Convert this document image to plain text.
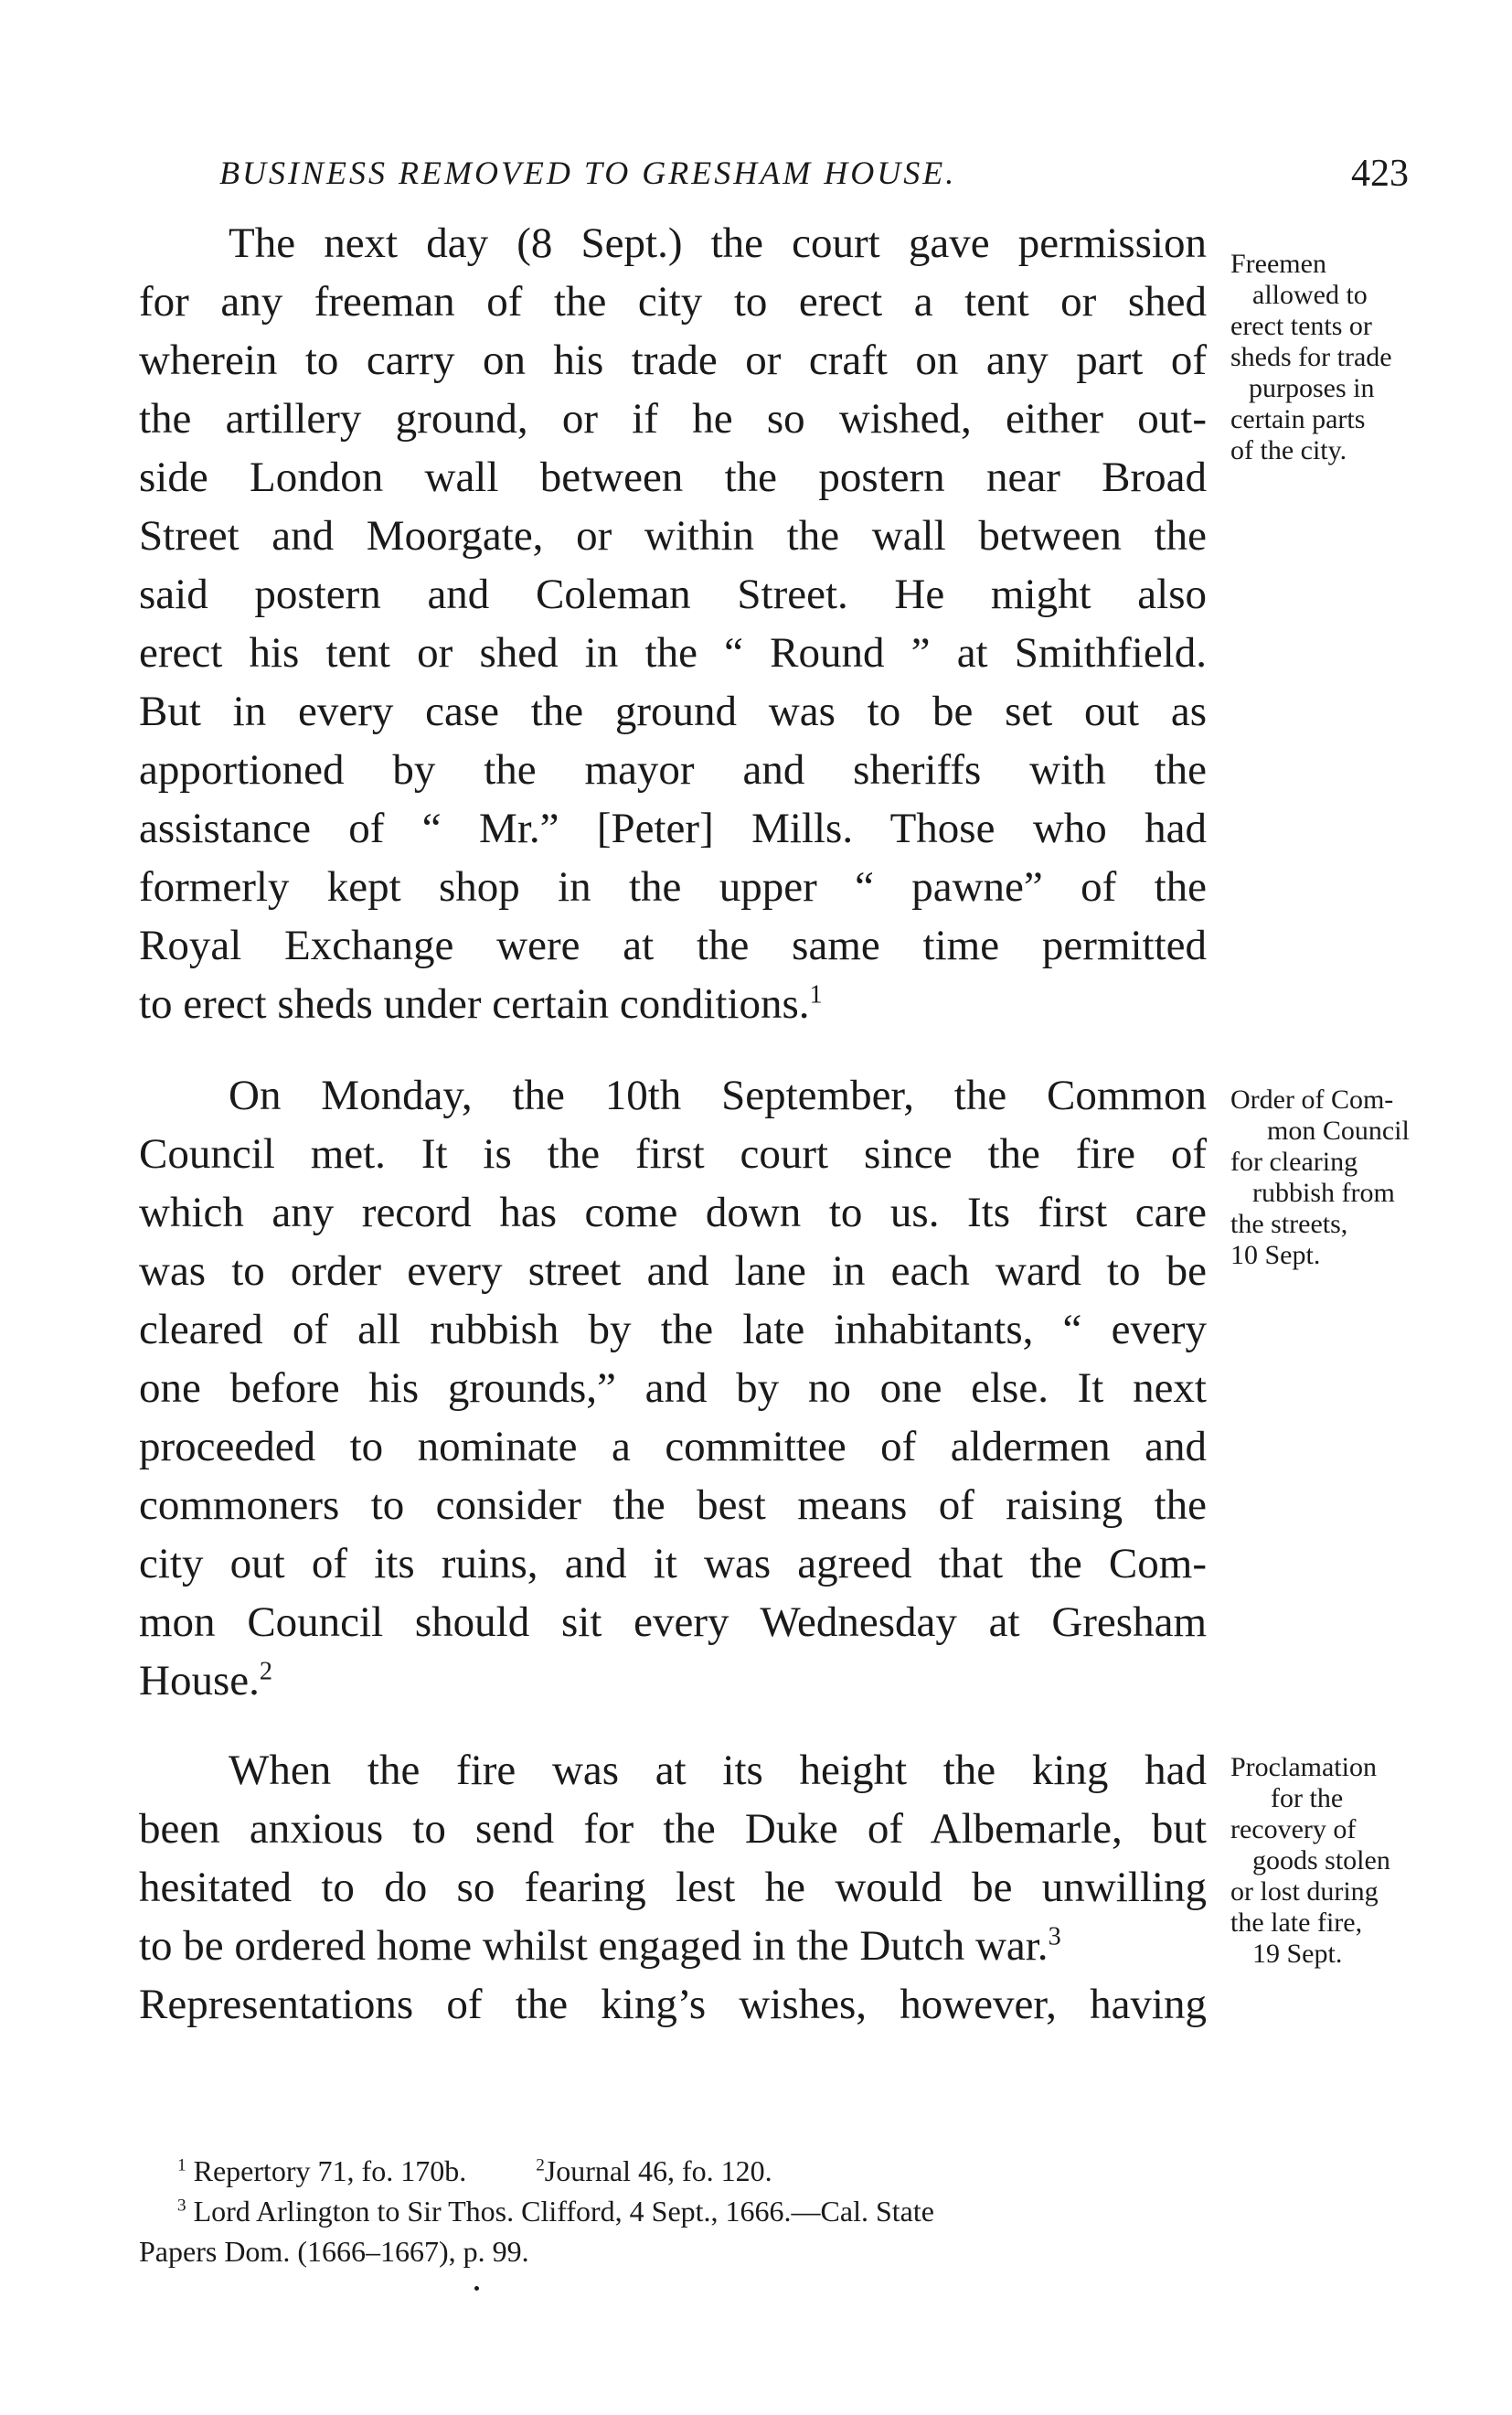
BUSINESS REMOVED TO GRESHAM HOUSE.	423
The next day (8 Sept.) the court gave permission
for any freeman of the city to erect a tent or shed
wherein to carry on his trade or craft on any part of
the artillery ground, or if he so wished, either out-
side London wall between the postern near Broad
Street and Moorgate, or within the wall between the
said postern and Coleman Street. He might also
erect his tent or shed in the “ Round ” at Smithfield.
But in every case the ground was to be set out as
apportioned by the mayor and sheriffs with the
assistance of “ Mr.” [Peter] Mills. Those who had
formerly kept shop in the upper “ pawne” of the
Royal Exchange were at the same time permitted
to erect sheds under certain conditions.$^1$
On Monday, the 10th September, the Common
Council met. It is the first court since the fire of
which any record has come down to us. Its first care
was to order every street and lane in each ward to be
cleared of all rubbish by the late inhabitants, “ every
one before his grounds,” and by no one else. It next
proceeded to nominate a committee of aldermen and
commoners to consider the best means of raising the
city out of its ruins, and it was agreed that the Com-
mon Council should sit every Wednesday at Gresham
House.$^2$
When the fire was at its height the king had
been anxious to send for the Duke of Albemarle, but
hesitated to do so fearing lest he would be unwilling
to be ordered home whilst engaged in the Dutch war.$^3$
Representations of the king’s wishes, however, having
Freemen
allowed to
erect tents or
sheds for trade
purposes in
certain parts
of the city.
Order of Com-
mon Council
for clearing
rubbish from
the streets,
10 Sept.
Proclamation
for the
recovery of
goods stolen
or lost during
the late fire,
19 Sept.
$^1$ Repertory 71, fo. 170b.	$^2$Journal 46, fo. 120.
$^3$ Lord Arlington to Sir Thos. Clifford, 4 Sept., 1666.—Cal. State
Papers Dom. (1666–1667), p. 99.
